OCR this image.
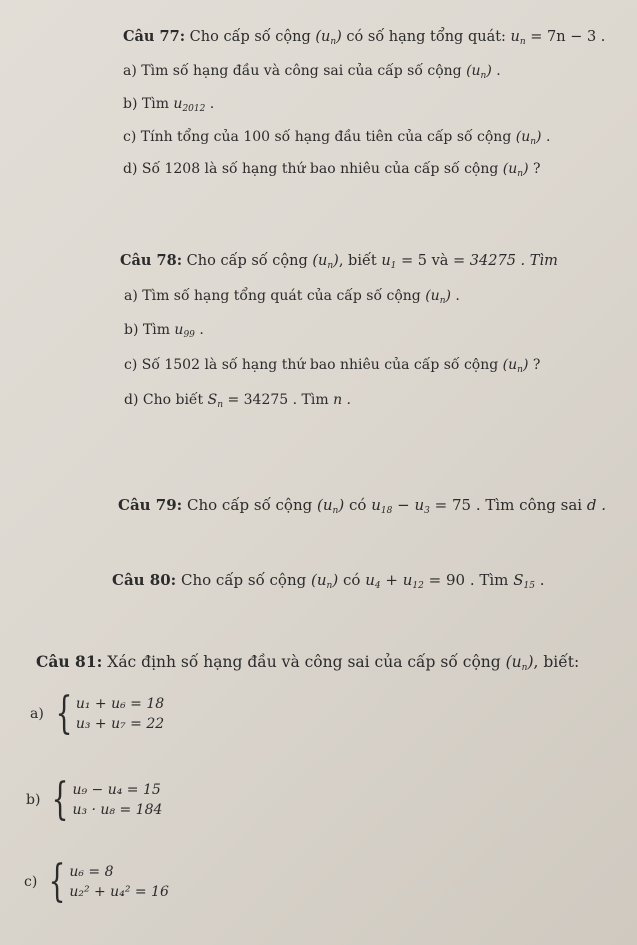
Câu 77: Cho cấp số cộng $(u_n)$ có số hạng tổng quát: $u_n = 7n - 3$ .
a) Tìm số hạng đầu và công sai của cấp số cộng $(u_n)$ .
b) Tìm $u_{2012}$ .
c) Tính tổng của 100 số hạng đầu tiên của cấp số cộng $(u_n)$ .
d) Số 1208 là số hạng thứ bao nhiêu của cấp số cộng $(u_n)$ ?
Câu 78: Cho cấp số cộng $(u_n)$, biết $u_1 = 5$ và = 34275 . Tìm
a) Tìm số hạng tổng quát của cấp số cộng $(u_n)$ .
b) Tìm $u_{99}$ .
c) Số 1502 là số hạng thứ bao nhiêu của cấp số cộng $(u_n)$ ?
d) Cho biết $S_n = 34275$ . Tìm n .
Câu 79: Cho cấp số cộng $(u_n)$ có $u_{18} - u_3 = 75$ . Tìm công sai d .
Câu 80: Cho cấp số cộng $(u_n)$ có $u_4 + u_{12} = 90$ . Tìm $S_{15}$ .
Câu 81: Xác định số hạng đầu và công sai của cấp số cộng $(u_n)$, biết:
a) { u₁ + u₆ = 18
u₃ + u₇ = 22
b) { u₉ − u₄ = 15
u₃ · u₈ = 184
c) { u₆ = 8
u₂² + u₄² = 16
